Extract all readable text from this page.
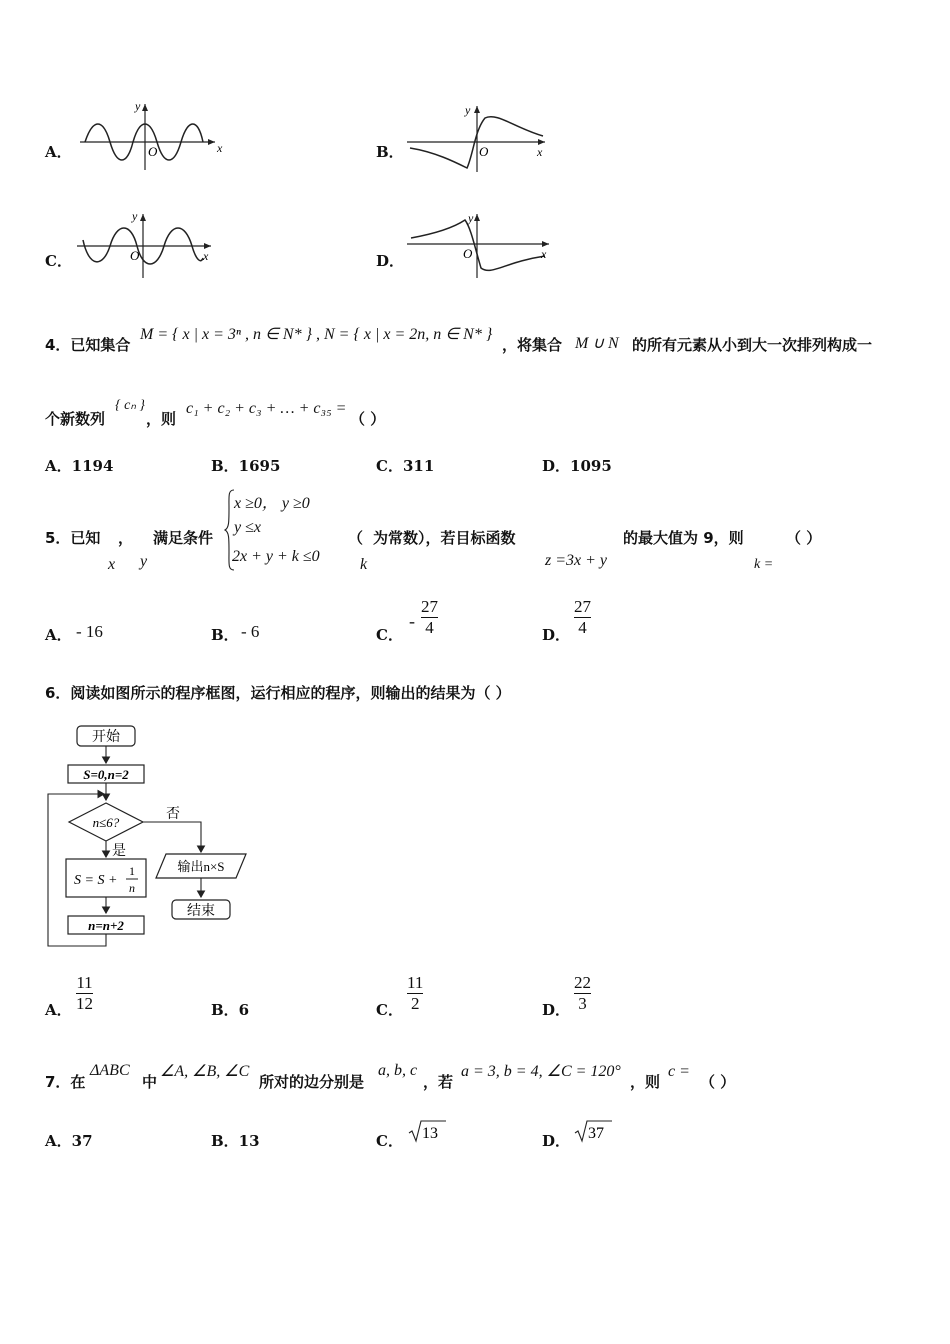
A．
y
x
O	B．
y
x
O
C．
y
x
O	D．
y
x
O
4．已知集合
M = { x | x = 3ⁿ , n ∈ N* } , N = { x | x = 2n, n ∈ N* }
，将集合 M ∪ N 的所有元素从小到大一次排列构成一
个新数列
{ cₙ }
，则
c₁ + c₂ + c₃ + … + c₃₅ =
（ ）
A．1194	B．1695	C．311	D．1095
5．已知 ， 满足条件
x y
x ≥0， y ≥0
y ≤x
2x + y + k ≤0
（ 为常数），若目标函数
k	z =3x + y
的最大值为 9，则
k =
（ ）
A． - 16	B． - 6	C．
-
27
4	D．
27
4
6．阅读如图所示的程序框图，运行相应的程序，则输出的结果为（ ）
开始
S=0,n=2
n≤6?
否
是
S = S +
1
n
n=n+2
输出n×S
结束
A．
11
12	B．6	C．
11
2	D．
22
3
7．在
ΔABC
中
∠A, ∠B, ∠C
所对的边分别是
a, b, c
，若
a = 3, b = 4, ∠C = 120°
，则
c =
（ ）
A．37	B．13	C． 13	D． 37
